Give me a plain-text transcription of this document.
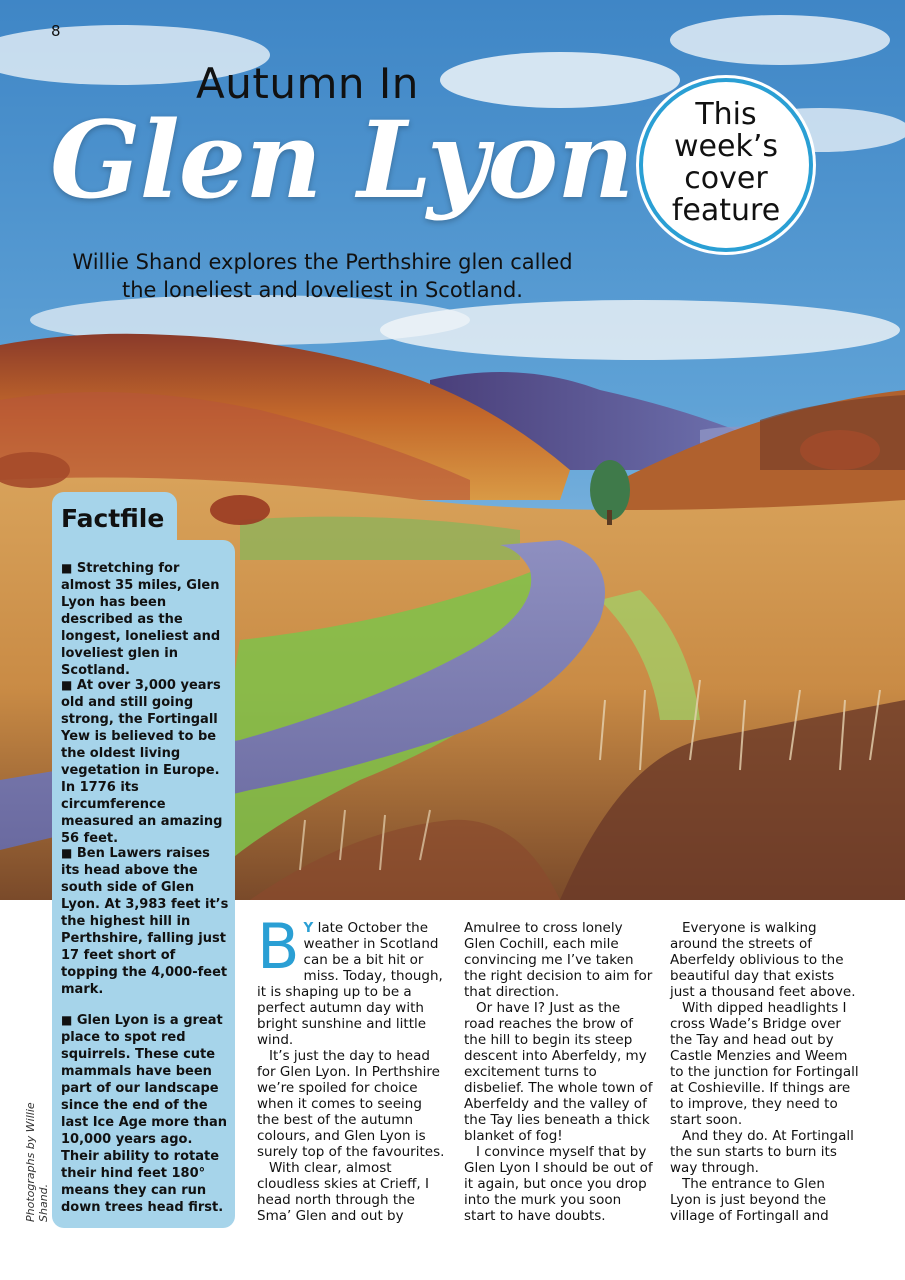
8
Autumn In
Glen Lyon
Willie Shand explores the Perthshire glen called
the loneliest and loveliest in Scotland.
This week’s cover feature
Factfile
■ Stretching for almost 35 miles, Glen Lyon has been described as the longest, loneliest and loveliest glen in Scotland.
■ At over 3,000 years old and still going strong, the Fortingall Yew is believed to be the oldest living vegetation in Europe. In 1776 its circumference measured an amazing 56 feet.
■ Ben Lawers raises its head above the south side of Glen Lyon. At 3,983 feet it’s the highest hill in Perthshire, falling just 17 feet short of topping the 4,000-feet mark.
■ Glen Lyon is a great place to spot red squirrels. These cute mammals have been part of our landscape since the end of the last Ice Age more than 10,000 years ago. Their ability to rotate their hind feet 180° means they can run down trees head first.
Photographs by Willie Shand.

B Y late October the weather in Scotland can be a bit hit or miss. Today, though, it is shaping up to be a perfect autumn day with bright sunshine and little wind.

It’s just the day to head for Glen Lyon. In Perthshire we’re spoiled for choice when it comes to seeing the best of the autumn colours, and Glen Lyon is surely top of the favourites.

With clear, almost cloudless skies at Crieff, I head north through the Sma’ Glen and out by

Amulree to cross lonely Glen Cochill, each mile convincing me I’ve taken the right decision to aim for that direction.

Or have I? Just as the road reaches the brow of the hill to begin its steep descent into Aberfeldy, my excitement turns to disbelief. The whole town of Aberfeldy and the valley of the Tay lies beneath a thick blanket of fog!

I convince myself that by Glen Lyon I should be out of it again, but once you drop into the murk you soon start to have doubts.

Everyone is walking around the streets of Aberfeldy oblivious to the beautiful day that exists just a thousand feet above.

With dipped headlights I cross Wade’s Bridge over the Tay and head out by Castle Menzies and Weem to the junction for Fortingall at Coshieville. If things are to improve, they need to start soon.

And they do. At Fortingall the sun starts to burn its way through.

The entrance to Glen Lyon is just beyond the village of Fortingall and
